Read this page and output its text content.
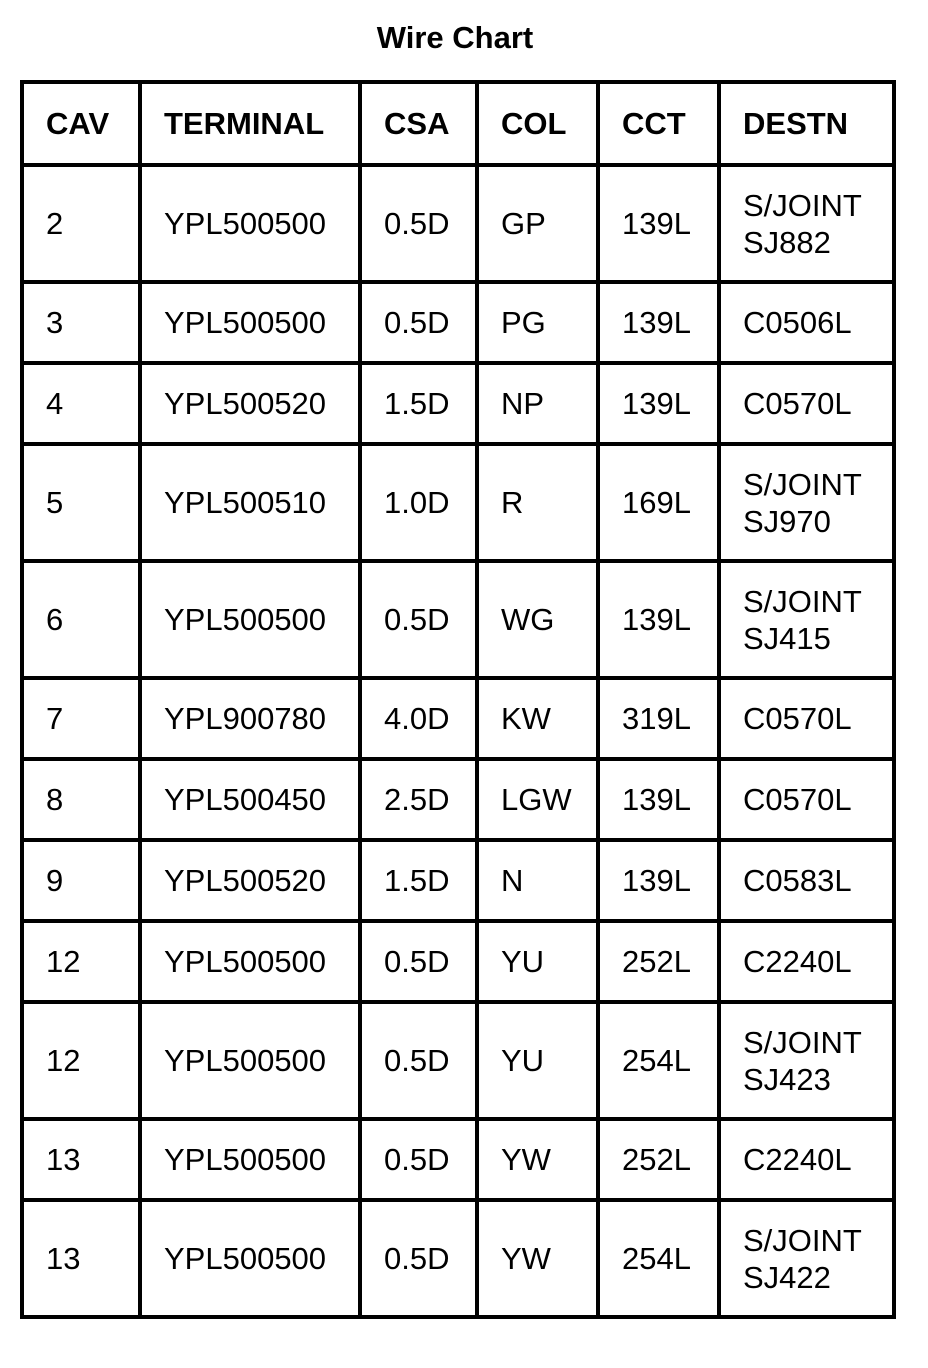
Wire Chart
CAV	TERMINAL	CSA	COL	CCT	DESTN
2	YPL500500	0.5D	GP	139L	S/JOINT
SJ882

3	YPL500500	0.5D	PG	139L	C0506L

4	YPL500520	1.5D	NP	139L	C0570L

5	YPL500510	1.0D	R	169L	S/JOINT
SJ970

6	YPL500500	0.5D	WG	139L	S/JOINT
SJ415

7	YPL900780	4.0D	KW	319L	C0570L

8	YPL500450	2.5D	LGW	139L	C0570L

9	YPL500520	1.5D	N	139L	C0583L

12	YPL500500	0.5D	YU	252L	C2240L

12	YPL500500	0.5D	YU	254L	S/JOINT
SJ423

13	YPL500500	0.5D	YW	252L	C2240L

13	YPL500500	0.5D	YW	254L	S/JOINT
SJ422
